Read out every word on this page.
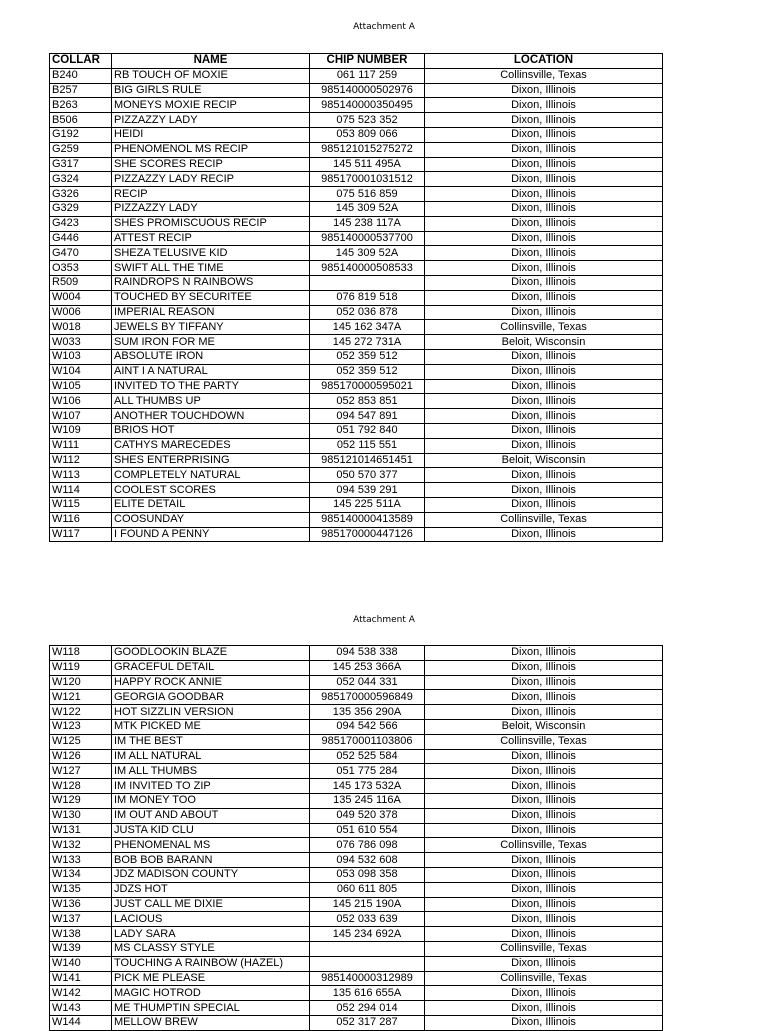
Attachment A
COLLAR	NAME	CHIP NUMBER	LOCATION
B240	RB TOUCH OF MOXIE	061 117 259	Collinsville, Texas
B257	BIG GIRLS RULE	985140000502976	Dixon, Illinois
B263	MONEYS MOXIE RECIP	985140000350495	Dixon, Illinois
B506	PIZZAZZY LADY	075 523 352	Dixon, Illinois
G192	HEIDI	053 809 066	Dixon, Illinois
G259	PHENOMENOL MS RECIP	985121015275272	Dixon, Illinois
G317	SHE SCORES RECIP	145 511 495A	Dixon, Illinois
G324	PIZZAZZY LADY RECIP	985170001031512	Dixon, Illinois
G326	RECIP	075 516 859	Dixon, Illinois
G329	PIZZAZZY LADY	145 309 52A	Dixon, Illinois
G423	SHES PROMISCUOUS RECIP	145 238 117A	Dixon, Illinois
G446	ATTEST RECIP	985140000537700	Dixon, Illinois
G470	SHEZA TELUSIVE KID	145 309 52A	Dixon, Illinois
O353	SWIFT ALL THE TIME	985140000508533	Dixon, Illinois
R509	RAINDROPS N RAINBOWS		Dixon, Illinois
W004	TOUCHED BY SECURITEE	076 819 518	Dixon, Illinois
W006	IMPERIAL REASON	052 036 878	Dixon, Illinois
W018	JEWELS BY TIFFANY	145 162 347A	Collinsville, Texas
W033	SUM IRON FOR ME	145 272 731A	Beloit, Wisconsin
W103	ABSOLUTE IRON	052 359 512	Dixon, Illinois
W104	AINT I A NATURAL	052 359 512	Dixon, Illinois
W105	INVITED TO THE PARTY	985170000595021	Dixon, Illinois
W106	ALL THUMBS UP	052 853 851	Dixon, Illinois
W107	ANOTHER TOUCHDOWN	094 547 891	Dixon, Illinois
W109	BRIOS HOT	051 792 840	Dixon, Illinois
W111	CATHYS MARECEDES	052 115 551	Dixon, Illinois
W112	SHES ENTERPRISING	985121014651451	Beloit, Wisconsin
W113	COMPLETELY NATURAL	050 570 377	Dixon, Illinois
W114	COOLEST SCORES	094 539 291	Dixon, Illinois
W115	ELITE DETAIL	145 225 511A	Dixon, Illinois
W116	COOSUNDAY	985140000413589	Collinsville, Texas
W117	I FOUND A PENNY	985170000447126	Dixon, Illinois
Attachment A
W118	GOODLOOKIN BLAZE	094 538 338	Dixon, Illinois
W119	GRACEFUL DETAIL	145 253 366A	Dixon, Illinois
W120	HAPPY ROCK ANNIE	052 044 331	Dixon, Illinois
W121	GEORGIA GOODBAR	985170000596849	Dixon, Illinois
W122	HOT SIZZLIN VERSION	135 356 290A	Dixon, Illinois
W123	MTK PICKED ME	094 542 566	Beloit, Wisconsin
W125	IM THE BEST	985170001103806	Collinsville, Texas
W126	IM ALL NATURAL	052 525 584	Dixon, Illinois
W127	IM ALL THUMBS	051 775 284	Dixon, Illinois
W128	IM INVITED TO ZIP	145 173 532A	Dixon, Illinois
W129	IM MONEY TOO	135 245 116A	Dixon, Illinois
W130	IM OUT AND ABOUT	049 520 378	Dixon, Illinois
W131	JUSTA KID CLU	051 610 554	Dixon, Illinois
W132	PHENOMENAL MS	076 786 098	Collinsville, Texas
W133	BOB BOB BARANN	094 532 608	Dixon, Illinois
W134	JDZ MADISON COUNTY	053 098 358	Dixon, Illinois
W135	JDZS HOT	060 611 805	Dixon, Illinois
W136	JUST CALL ME DIXIE	145 215 190A	Dixon, Illinois
W137	LACIOUS	052 033 639	Dixon, Illinois
W138	LADY SARA	145 234 692A	Dixon, Illinois
W139	MS CLASSY STYLE		Collinsville, Texas
W140	TOUCHING A RAINBOW (HAZEL)		Dixon, Illinois
W141	PICK ME PLEASE	985140000312989	Collinsville, Texas
W142	MAGIC HOTROD	135 616 655A	Dixon, Illinois
W143	ME THUMPTIN SPECIAL	052 294 014	Dixon, Illinois
W144	MELLOW BREW	052 317 287	Dixon, Illinois
